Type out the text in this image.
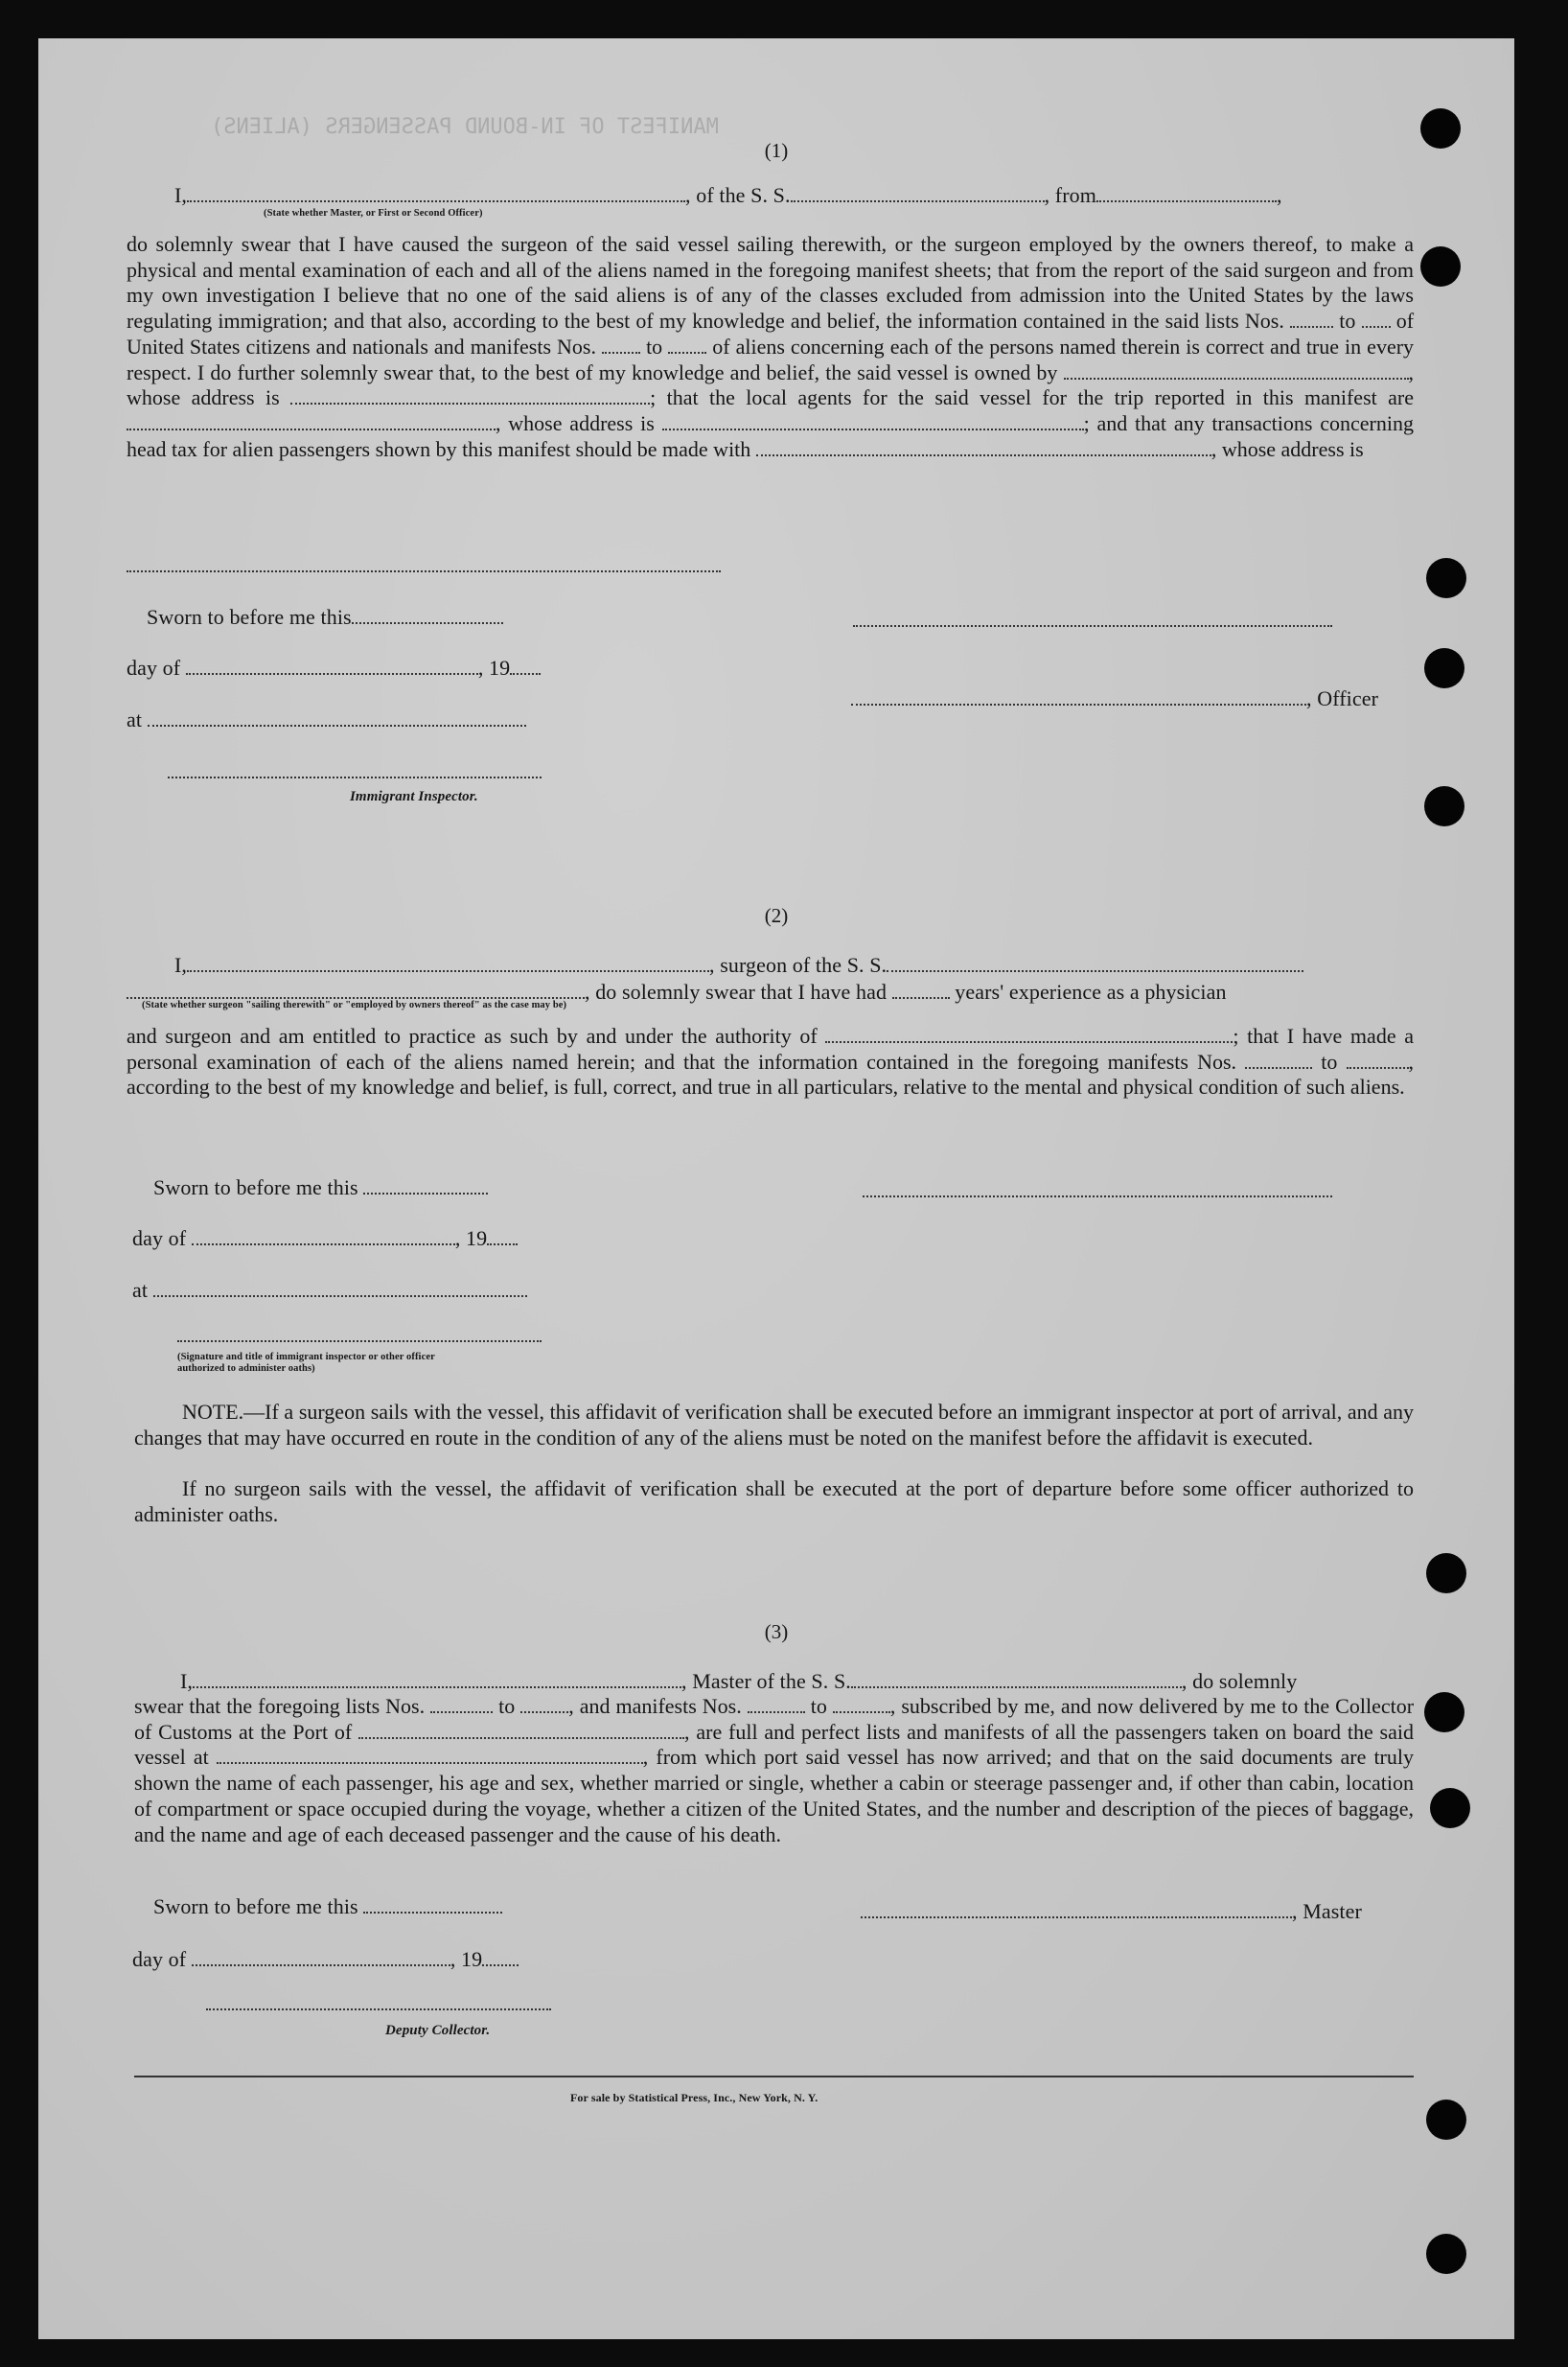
MANIFEST OF IN-BOUND PASSENGERS (ALIENS)
(1)
I,	, of the S. S.	, from	,
(State whether Master, or First or Second Officer)
do solemnly swear that I have caused the surgeon of the said vessel sailing therewith, or the surgeon employed by the owners thereof, to make a physical and mental examination of each and all of the aliens named in the foregoing manifest sheets; that from the report of the said surgeon and from my own investigation I believe that no one of the said aliens is of any of the classes excluded from admission into the United States by the laws regulating immigration; and that also, according to the best of my knowledge and belief, the information contained in the said lists Nos.	to of United States citizens and nationals and manifests Nos. to of aliens concerning each of the persons named therein is correct and true in every respect. I do further solemnly swear that, to the best of my knowledge and belief, the said vessel is owned by	, whose address is	; that the local agents for the said vessel for the trip reported in this manifest are , whose address is	; and that any transactions concerning head tax for alien passengers shown by this manifest should be made with	, whose address is
Sworn to before me this
day of	, 19
at
Immigrant Inspector.
, Officer
(2)
I,	, surgeon of the S. S.
, do solemnly swear that I have had	years' experience as a physician
(State whether surgeon "sailing therewith" or "employed by owners thereof" as the case may be)
and surgeon and am entitled to practice as such by and under the authority of	; that I have made a personal examination of each of the aliens named herein; and that the information contained in the foregoing manifests Nos.	to	, according to the best of my knowledge and belief, is full, correct, and true in all particulars, relative to the mental and physical condition of such aliens.
Sworn to before me this
day of	, 19
at
(Signature and title of immigrant inspector or other officer authorized to administer oaths)
NOTE.—If a surgeon sails with the vessel, this affidavit of verification shall be executed before an immigrant inspector at port of arrival, and any changes that may have occurred en route in the condition of any of the aliens must be noted on the manifest before the affidavit is executed.
If no surgeon sails with the vessel, the affidavit of verification shall be executed at the port of departure before some officer authorized to administer oaths.
(3)
I,	, Master of the S. S.	, do solemnly
swear that the foregoing lists Nos.	to	, and manifests Nos.	to	, subscribed by me, and now delivered by me to the Collector of Customs at the Port of	, are full and perfect lists and manifests of all the passengers taken on board the said vessel at	, from which port said vessel has now arrived; and that on the said documents are truly shown the name of each passenger, his age and sex, whether married or single, whether a cabin or steerage passenger and, if other than cabin, location of compartment or space occupied during the voyage, whether a citizen of the United States, and the number and description of the pieces of baggage, and the name and age of each deceased passenger and the cause of his death.
Sworn to before me this	, Master
day of	, 19
Deputy Collector.
For sale by Statistical Press, Inc., New York, N. Y.
